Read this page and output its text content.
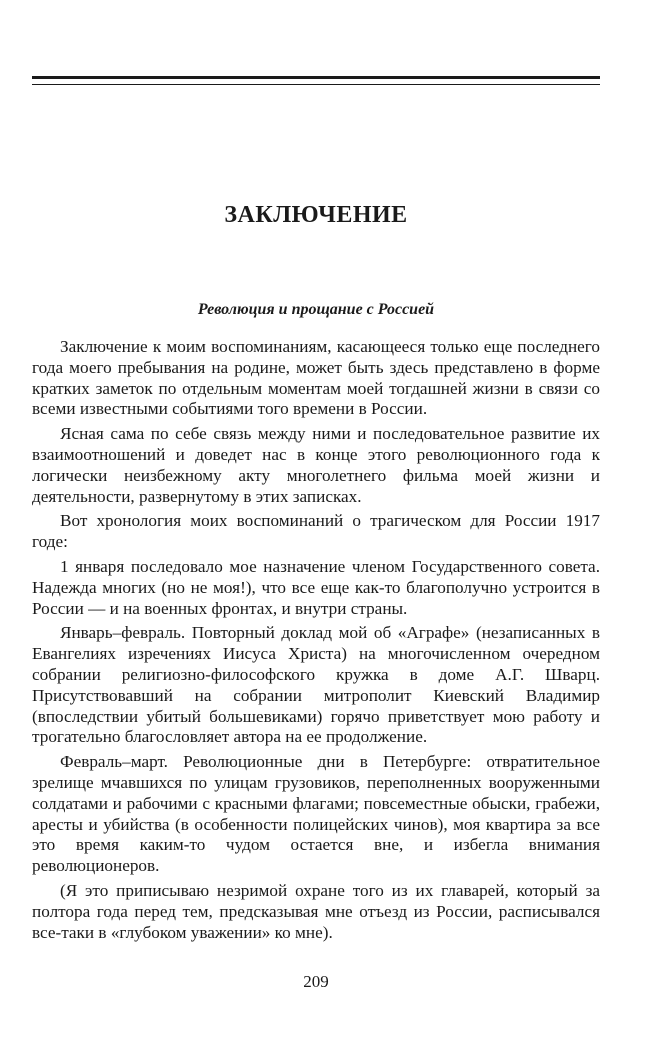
ЗАКЛЮЧЕНИЕ
Революция и прощание с Россией

Заключение к моим воспоминаниям, касающееся только еще последнего года моего пребывания на родине, может быть здесь представлено в форме кратких заметок по отдельным моментам моей тогдашней жизни в связи со всеми известными событиями того времени в России.

Ясная сама по себе связь между ними и последовательное развитие их взаимоотношений и доведет нас в конце этого революционного года к логически неизбежному акту многолетнего фильма моей жизни и деятельности, развернутому в этих записках.

Вот хронология моих воспоминаний о трагическом для России 1917 годе:

1 января последовало мое назначение членом Государственного совета. Надежда многих (но не моя!), что все еще как-то благополучно устроится в России — и на военных фронтах, и внутри страны.

Январь–февраль. Повторный доклад мой об «Аграфе» (незаписанных в Евангелиях изречениях Иисуса Христа) на многочисленном очередном собрании религиозно-философского кружка в доме А.Г. Шварц. Присутствовавший на собрании митрополит Киевский Владимир (впоследствии убитый большевиками) горячо приветствует мою работу и трогательно благословляет автора на ее продолжение.

Февраль–март. Революционные дни в Петербурге: отвратительное зрелище мчавшихся по улицам грузовиков, переполненных вооруженными солдатами и рабочими с красными флагами; повсеместные обыски, грабежи, аресты и убийства (в особенности полицейских чинов), моя квартира за все это время каким-то чудом остается вне, и избегла внимания революционеров.

(Я это приписываю незримой охране того из их главарей, который за полтора года перед тем, предсказывая мне отъезд из России, расписывался все-таки в «глубоком уважении» ко мне).

209
